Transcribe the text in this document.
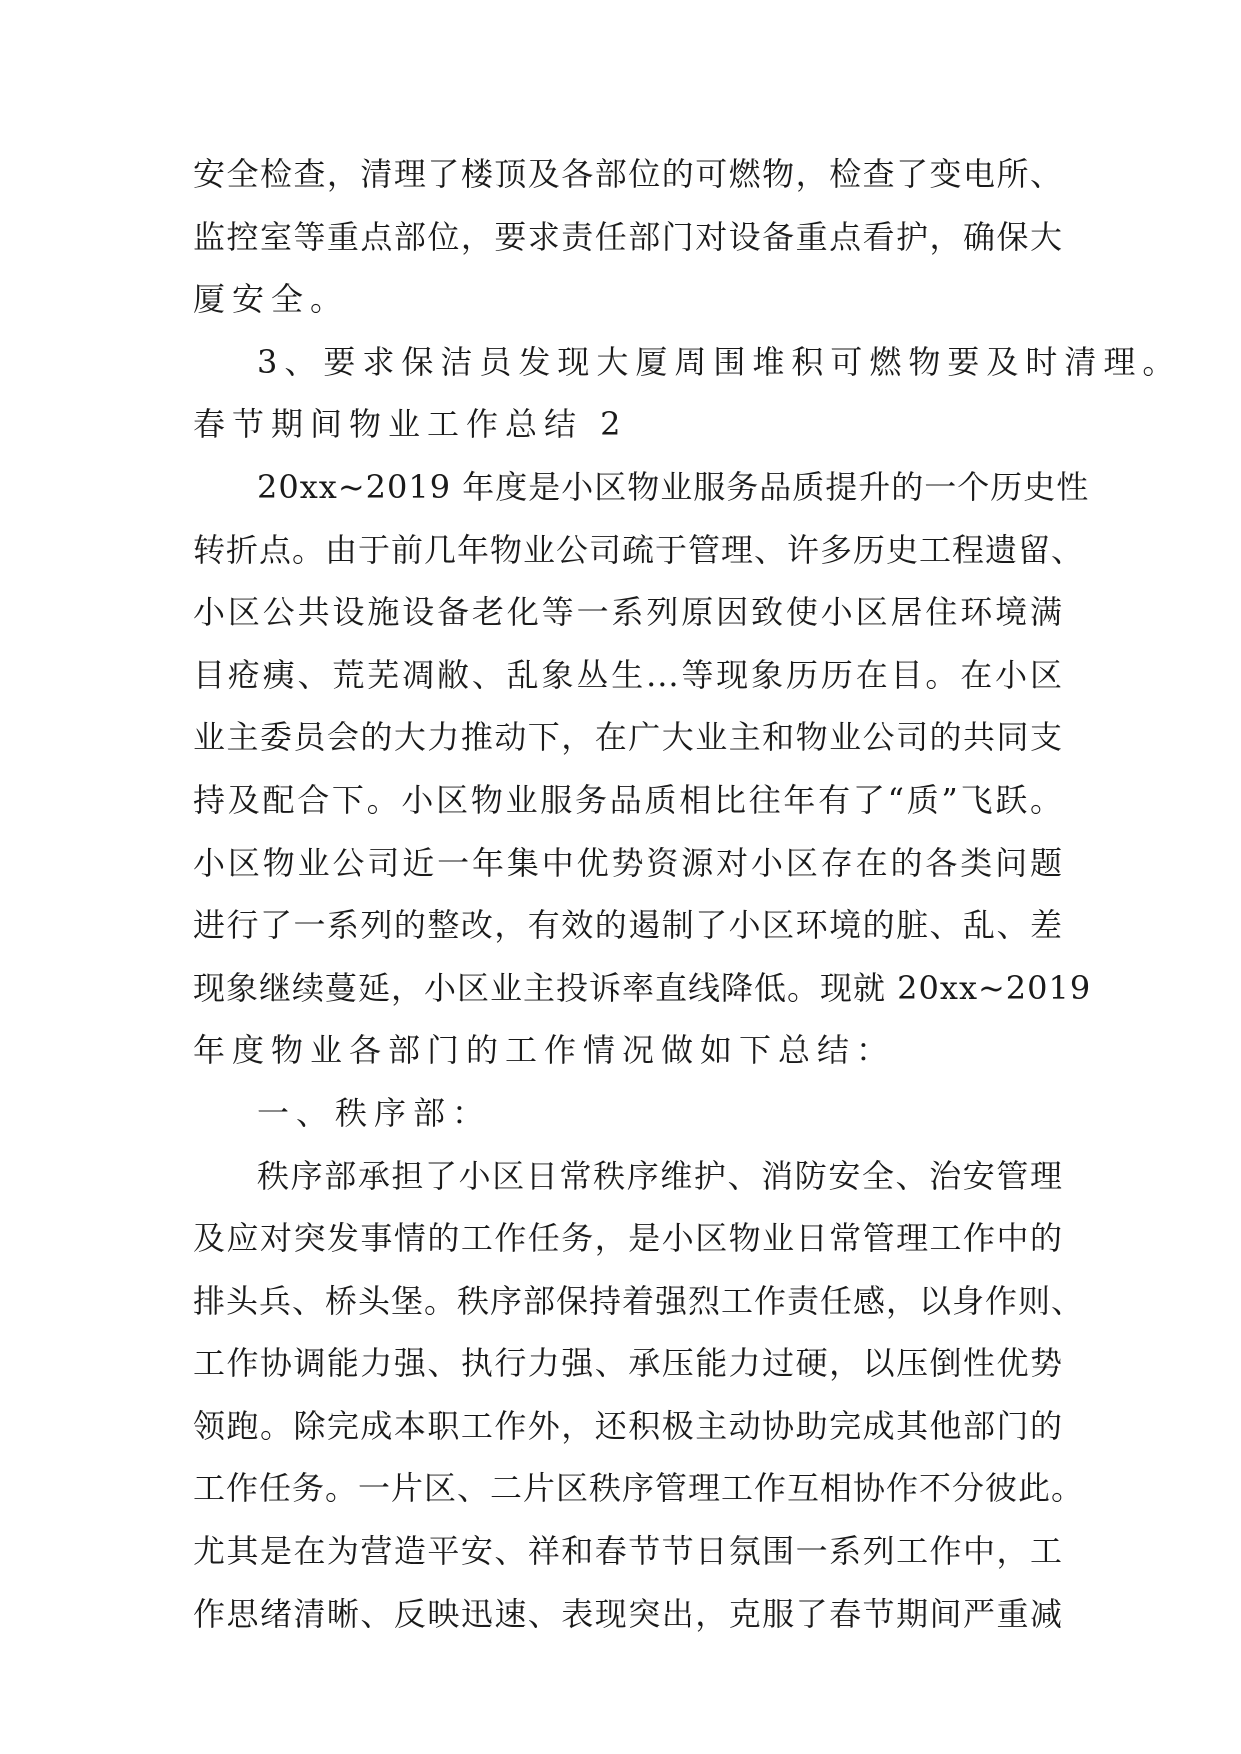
安全检查，清理了楼顶及各部位的可燃物，检查了变电所、
监控室等重点部位，要求责任部门对设备重点看护，确保大
厦安全。
3、要求保洁员发现大厦周围堆积可燃物要及时清理。
春节期间物业工作总结 2
20xx~2019 年度是小区物业服务品质提升的一个历史性
转折点。由于前几年物业公司疏于管理、许多历史工程遗留、
小区公共设施设备老化等一系列原因致使小区居住环境满
目疮痍、荒芜凋敝、乱象丛生...等现象历历在目。在小区
业主委员会的大力推动下，在广大业主和物业公司的共同支
持及配合下。小区物业服务品质相比往年有了“质”飞跃。
小区物业公司近一年集中优势资源对小区存在的各类问题
进行了一系列的整改，有效的遏制了小区环境的脏、乱、差
现象继续蔓延，小区业主投诉率直线降低。现就 20xx~2019
年度物业各部门的工作情况做如下总结：
一、秩序部：
秩序部承担了小区日常秩序维护、消防安全、治安管理
及应对突发事情的工作任务，是小区物业日常管理工作中的
排头兵、桥头堡。秩序部保持着强烈工作责任感，以身作则、
工作协调能力强、执行力强、承压能力过硬，以压倒性优势
领跑。除完成本职工作外，还积极主动协助完成其他部门的
工作任务。一片区、二片区秩序管理工作互相协作不分彼此。
尤其是在为营造平安、祥和春节节日氛围一系列工作中，工
作思绪清晰、反映迅速、表现突出，克服了春节期间严重减
